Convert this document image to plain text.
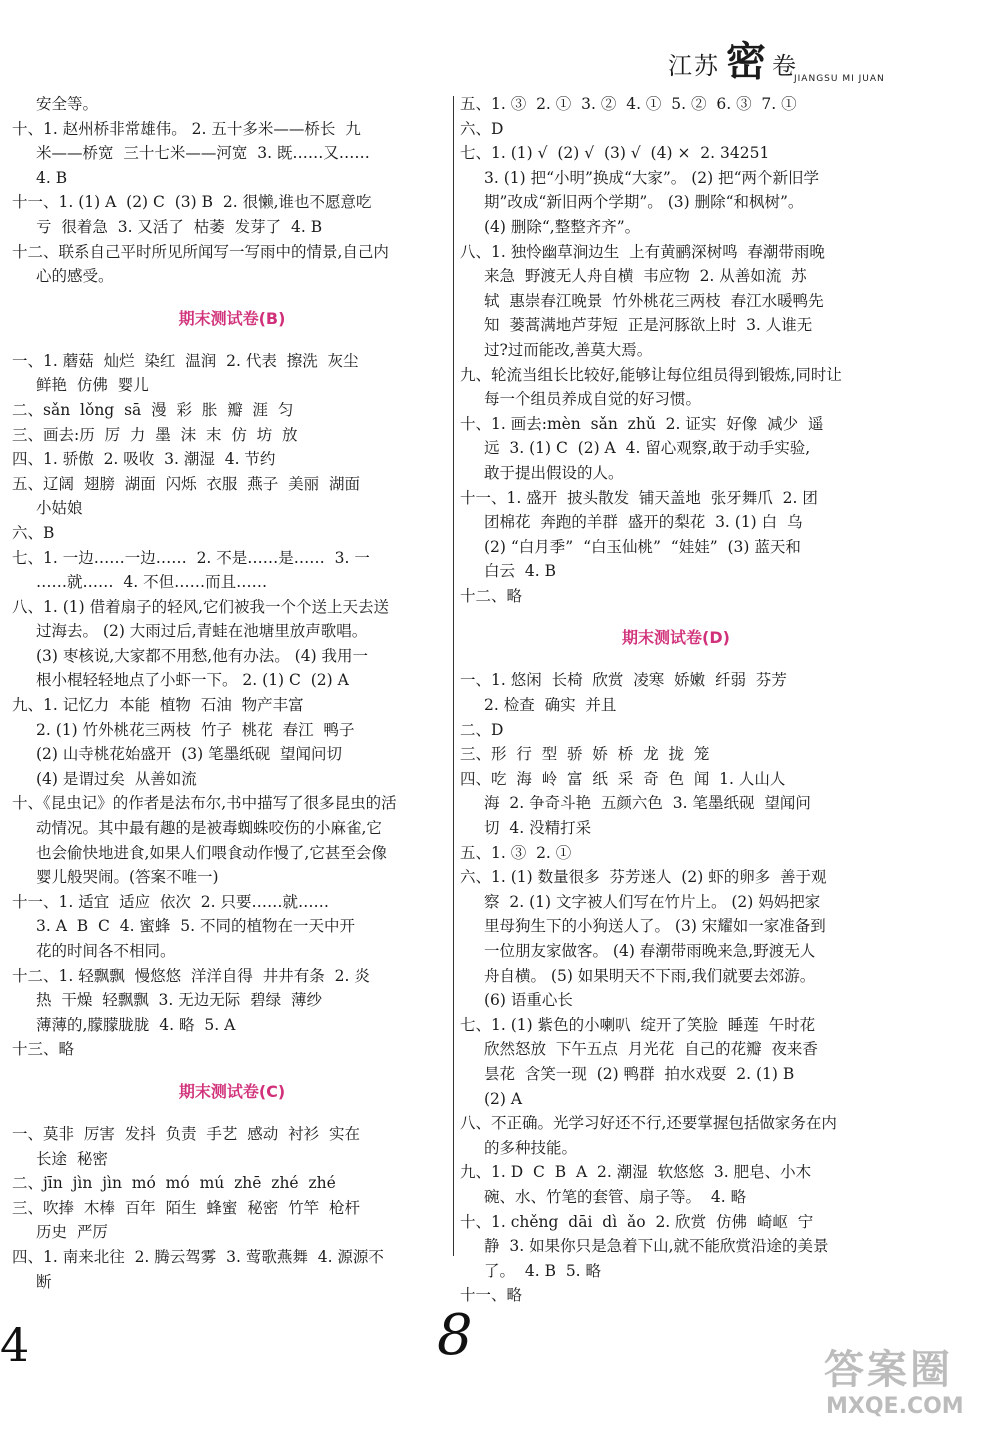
江苏 密 卷
JIANGSU MI JUAN
安全等。
十、1. 赵州桥非常雄伟。 2. 五十多米——桥长  九
米——桥宽  三十七米——河宽  3. 既……又……
4. B
十一、1. (1) A  (2) C  (3) B  2. 很懒,谁也不愿意吃
亏  很着急  3. 又活了  枯萎  发芽了  4. B
十二、联系自己平时所见所闻写一写雨中的情景,自己内
心的感受。
期末测试卷(B)
一、1. 蘑菇  灿烂  染红  温润  2. 代表  擦洗  灰尘
鲜艳  仿佛  婴儿
二、sǎn  lǒng  sā  漫  彩  胀  瓣  涯  匀
三、画去:历  厉  力  墨  沫  末  仿  坊  放
四、1. 骄傲  2. 吸收  3. 潮湿  4. 节约
五、辽阔  翅膀  湖面  闪烁  衣服  燕子  美丽  湖面
小姑娘
六、B
七、1. 一边……一边……  2. 不是……是……  3. 一
……就……  4. 不但……而且……
八、1. (1) 借着扇子的轻风,它们被我一个个送上天去送
过海去。 (2) 大雨过后,青蛙在池塘里放声歌唱。
(3) 枣核说,大家都不用愁,他有办法。 (4) 我用一
根小棍轻轻地点了小虾一下。 2. (1) C  (2) A
九、1. 记忆力  本能  植物  石油  物产丰富
2. (1) 竹外桃花三两枝  竹子  桃花  春江  鸭子
(2) 山寺桃花始盛开  (3) 笔墨纸砚  望闻问切
(4) 是谓过矣  从善如流
十、《昆虫记》的作者是法布尔,书中描写了很多昆虫的活
动情况。其中最有趣的是被毒蜘蛛咬伤的小麻雀,它
也会偷快地进食,如果人们喂食动作慢了,它甚至会像
婴儿般哭闹。(答案不唯一)
十一、1. 适宜  适应  依次  2. 只要……就……
3. A  B  C  4. 蜜蜂  5. 不同的植物在一天中开
花的时间各不相同。
十二、1. 轻飘飘  慢悠悠  洋洋自得  井井有条  2. 炎
热  干燥  轻飘飘  3. 无边无际  碧绿  薄纱
薄薄的,朦朦胧胧  4. 略  5. A
十三、略
期末测试卷(C)
一、莫非  厉害  发抖  负责  手艺  感动  衬衫  实在
长途  秘密
二、jīn  jìn  jìn  mó  mó  mú  zhē  zhé  zhé
三、吹捧  木棒  百年  陌生  蜂蜜  秘密  竹竿  枪杆
历史  严厉
四、1. 南来北往  2. 腾云驾雾  3. 莺歌燕舞  4. 源源不
断
五、1. ③  2. ①  3. ②  4. ①  5. ②  6. ③  7. ①
六、D
七、1. (1) √  (2) √  (3) √  (4) ×  2. 34251
3. (1) 把“小明”换成“大家”。 (2) 把“两个新旧学
期”改成“新旧两个学期”。 (3) 删除“和枫树”。
(4) 删除“,整整齐齐”。
八、1. 独怜幽草涧边生  上有黄鹂深树鸣  春潮带雨晚
来急  野渡无人舟自横  韦应物  2. 从善如流  苏
轼  惠崇春江晚景  竹外桃花三两枝  春江水暖鸭先
知  蒌蒿满地芦芽短  正是河豚欲上时  3. 人谁无
过?过而能改,善莫大焉。
九、轮流当组长比较好,能够让每位组员得到锻炼,同时让
每一个组员养成自觉的好习惯。
十、1. 画去:mèn  sǎn  zhǔ  2. 证实  好像  减少  遥
远  3. (1) C  (2) A  4. 留心观察,敢于动手实验,
敢于提出假设的人。
十一、1. 盛开  披头散发  铺天盖地  张牙舞爪  2. 团
团棉花  奔跑的羊群  盛开的梨花  3. (1) 白  乌
(2) “白月季”  “白玉仙桃”  “娃娃”  (3) 蓝天和
白云  4. B
十二、略
期末测试卷(D)
一、1. 悠闲  长椅  欣赏  凌寒  娇嫩  纤弱  芬芳
2. 检查  确实  并且
二、D
三、形  行  型  骄  娇  桥  龙  拢  笼
四、吃  海  岭  富  纸  采  奇  色  闻  1. 人山人
海  2. 争奇斗艳  五颜六色  3. 笔墨纸砚  望闻问
切  4. 没精打采
五、1. ③  2. ①
六、1. (1) 数量很多  芬芳迷人  (2) 虾的卵多  善于观
察  2. (1) 文字被人们写在竹片上。 (2) 妈妈把家
里母狗生下的小狗送人了。 (3) 宋耀如一家准备到
一位朋友家做客。 (4) 春潮带雨晚来急,野渡无人
舟自横。 (5) 如果明天不下雨,我们就要去郊游。
(6) 语重心长
七、1. (1) 紫色的小喇叭  绽开了笑脸  睡莲  午时花
欣然怒放  下午五点  月光花  自己的花瓣  夜来香
昙花  含笑一现  (2) 鸭群  拍水戏耍  2. (1) B
(2) A
八、不正确。光学习好还不行,还要掌握包括做家务在内
的多种技能。
九、1. D  C  B  A  2. 潮湿  软悠悠  3. 肥皂、小木
碗、水、竹笔的套管、扇子等。  4. 略
十、1. chěng  dāi  dì  ǎo  2. 欣赏  仿佛  崎岖  宁
静  3. 如果你只是急着下山,就不能欣赏沿途的美景
了。  4. B  5. 略
十一、略
8
4	答案圈
MXQE.COM
